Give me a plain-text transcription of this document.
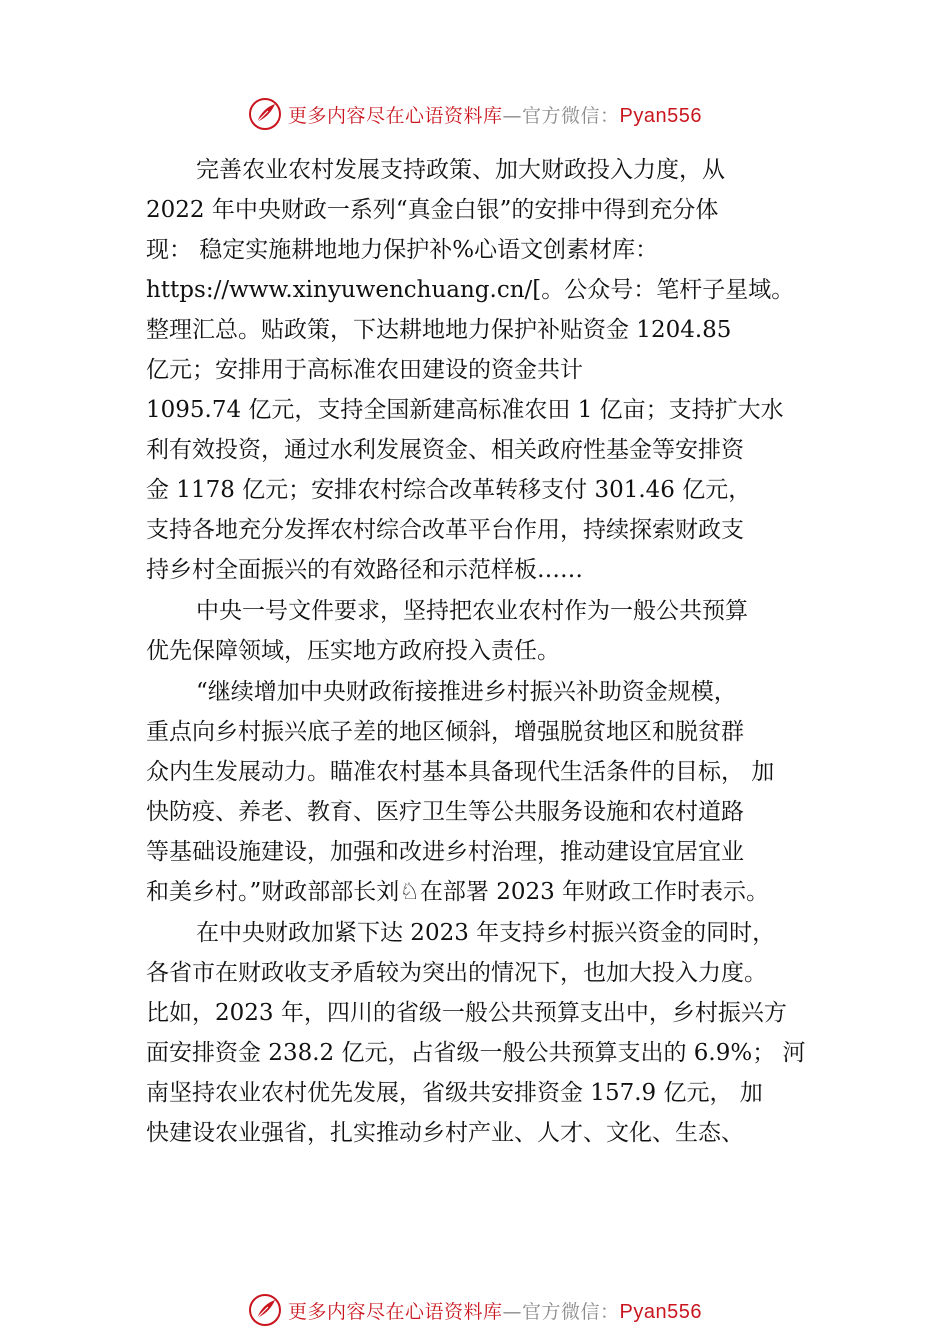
更多内容尽在心语资料库—官方微信：Pyan556
完善农业农村发展支持政策、加大财政投入力度，从
2022 年中央财政一系列“真金白银”的安排中得到充分体
现： 稳定实施耕地地力保护补%心语文创素材库：
https://www.xinyuwenchuang.cn/[。公众号：笔杆子星域。
整理汇总。贴政策，下达耕地地力保护补贴资金 1204.85
亿元；安排用于高标准农田建设的资金共计
1095.74 亿元，支持全国新建高标准农田 1 亿亩；支持扩大水
利有效投资，通过水利发展资金、相关政府性基金等安排资
金 1178 亿元；安排农村综合改革转移支付 301.46 亿元，
支持各地充分发挥农村综合改革平台作用，持续探索财政支
持乡村全面振兴的有效路径和示范样板……
中央一号文件要求，坚持把农业农村作为一般公共预算
优先保障领域，压实地方政府投入责任。
“继续增加中央财政衔接推进乡村振兴补助资金规模，
重点向乡村振兴底子差的地区倾斜，增强脱贫地区和脱贫群
众内生发展动力。瞄准农村基本具备现代生活条件的目标， 加
快防疫、养老、教育、医疗卫生等公共服务设施和农村道路
等基础设施建设，加强和改进乡村治理，推动建设宜居宜业
和美乡村。”财政部部长刘♘在部署 2023 年财政工作时表示。
在中央财政加紧下达 2023 年支持乡村振兴资金的同时，
各省市在财政收支矛盾较为突出的情况下，也加大投入力度。
比如，2023 年，四川的省级一般公共预算支出中，乡村振兴方
面安排资金 238.2 亿元，占省级一般公共预算支出的 6.9%； 河
南坚持农业农村优先发展，省级共安排资金 157.9 亿元， 加
快建设农业强省，扎实推动乡村产业、人才、文化、生态、
更多内容尽在心语资料库—官方微信：Pyan556
